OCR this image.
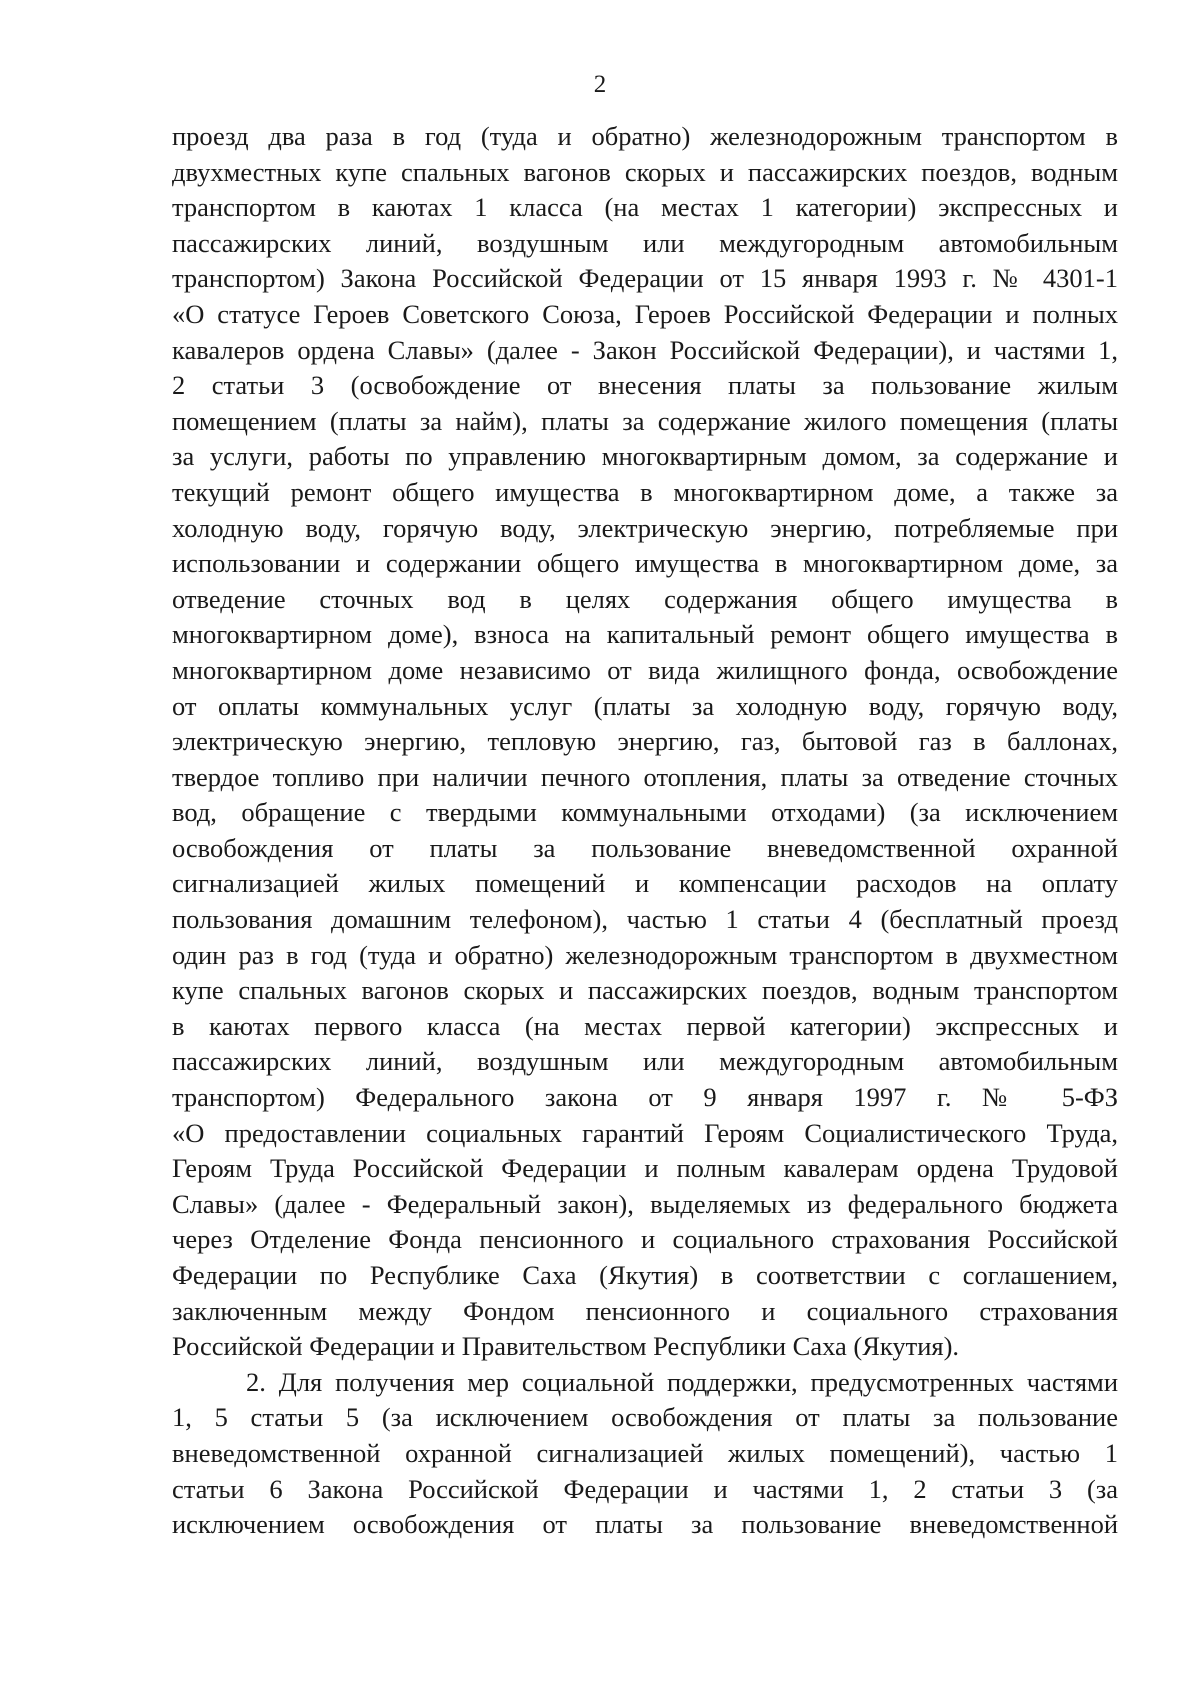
2
проезд два раза в год (туда и обратно) железнодорожным транспортом в
двухместных купе спальных вагонов скорых и пассажирских поездов, водным
транспортом в каютах 1 класса (на местах 1 категории) экспрессных и
пассажирских линий, воздушным или междугородным автомобильным
транспортом) Закона Российской Федерации от 15 января 1993 г. № 4301-1
«О статусе Героев Советского Союза, Героев Российской Федерации и полных
кавалеров ордена Славы» (далее - Закон Российской Федерации), и частями 1,
2 статьи 3 (освобождение от внесения платы за пользование жилым
помещением (платы за найм), платы за содержание жилого помещения (платы
за услуги, работы по управлению многоквартирным домом, за содержание и
текущий ремонт общего имущества в многоквартирном доме, а также за
холодную воду, горячую воду, электрическую энергию, потребляемые при
использовании и содержании общего имущества в многоквартирном доме, за
отведение сточных вод в целях содержания общего имущества в
многоквартирном доме), взноса на капитальный ремонт общего имущества в
многоквартирном доме независимо от вида жилищного фонда, освобождение
от оплаты коммунальных услуг (платы за холодную воду, горячую воду,
электрическую энергию, тепловую энергию, газ, бытовой газ в баллонах,
твердое топливо при наличии печного отопления, платы за отведение сточных
вод, обращение с твердыми коммунальными отходами) (за исключением
освобождения от платы за пользование вневедомственной охранной
сигнализацией жилых помещений и компенсации расходов на оплату
пользования домашним телефоном), частью 1 статьи 4 (бесплатный проезд
один раз в год (туда и обратно) железнодорожным транспортом в двухместном
купе спальных вагонов скорых и пассажирских поездов, водным транспортом
в каютах первого класса (на местах первой категории) экспрессных и
пассажирских линий, воздушным или междугородным автомобильным
транспортом) Федерального закона от 9 января 1997 г. № 5-ФЗ
«О предоставлении социальных гарантий Героям Социалистического Труда,
Героям Труда Российской Федерации и полным кавалерам ордена Трудовой
Славы» (далее - Федеральный закон), выделяемых из федерального бюджета
через Отделение Фонда пенсионного и социального страхования Российской
Федерации по Республике Саха (Якутия) в соответствии с соглашением,
заключенным между Фондом пенсионного и социального страхования
Российской Федерации и Правительством Республики Саха (Якутия).
2. Для получения мер социальной поддержки, предусмотренных частями
1, 5 статьи 5 (за исключением освобождения от платы за пользование
вневедомственной охранной сигнализацией жилых помещений), частью 1
статьи 6 Закона Российской Федерации и частями 1, 2 статьи 3 (за
исключением освобождения от платы за пользование вневедомственной
